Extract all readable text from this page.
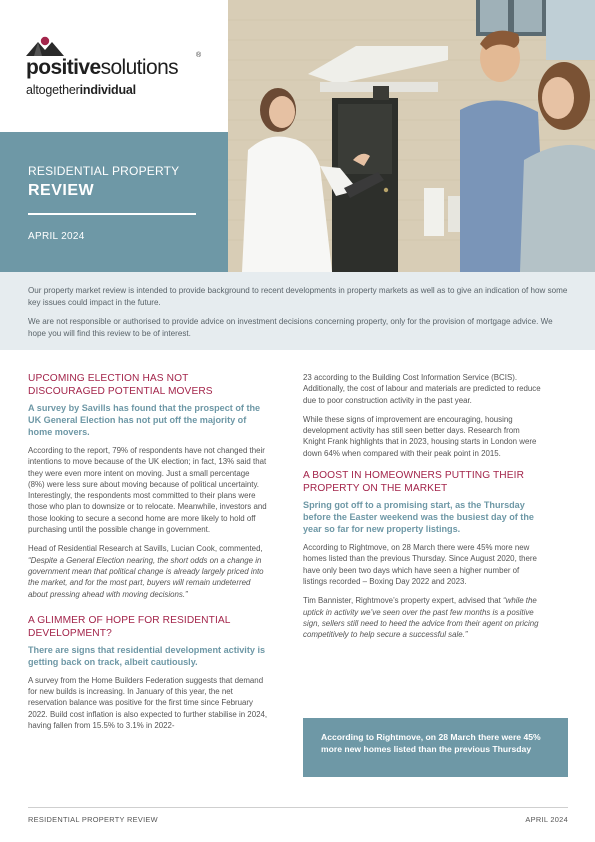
positivesolutions
®
altogetherindividual
RESIDENTIAL PROPERTY
REVIEW
APRIL 2024

Our property market review is intended to provide background to recent developments in property markets as well as to give an indication of how some key issues could impact in the future.

We are not responsible or authorised to provide advice on investment decisions concerning property, only for the provision of mortgage advice. We hope you will find this review to be of interest.

UPCOMING ELECTION HAS NOT DISCOURAGED POTENTIAL MOVERS
A survey by Savills has found that the prospect of the UK General Election has not put off the majority of home movers.
According to the report, 79% of respondents have not changed their intentions to move because of the UK election; in fact, 13% said that they were even more intent on moving. Just a small percentage (8%) were less sure about moving because of political uncertainty. Interestingly, the respondents most committed to their plans were those who plan to downsize or to relocate. Meanwhile, investors and those looking to secure a second home are more likely to hold off purchasing until the possible change in government.
Head of Residential Research at Savills, Lucian Cook, commented, “Despite a General Election nearing, the short odds on a change in government mean that political change is already largely priced into the market, and for the most part, buyers will remain undeterred about pressing ahead with moving decisions.”
A GLIMMER OF HOPE FOR RESIDENTIAL DEVELOPMENT?
There are signs that residential development activity is getting back on track, albeit cautiously.
A survey from the Home Builders Federation suggests that demand for new builds is increasing. In January of this year, the net reservation balance was positive for the first time since February 2022. Build cost inflation is also expected to further stabilise in 2024, having fallen from 15.5% to 3.1% in 2022-
23 according to the Building Cost Information Service (BCIS). Additionally, the cost of labour and materials are predicted to reduce due to poor construction activity in the past year.
While these signs of improvement are encouraging, housing development activity has still seen better days. Research from Knight Frank highlights that in 2023, housing starts in London were down 64% when compared with their peak point in 2015.
A BOOST IN HOMEOWNERS PUTTING THEIR PROPERTY ON THE MARKET
Spring got off to a promising start, as the Thursday before the Easter weekend was the busiest day of the year so far for new property listings.
According to Rightmove, on 28 March there were 45% more new homes listed than the previous Thursday. Since August 2020, there have only been two days which have seen a higher number of listings recorded – Boxing Day 2022 and 2023.
Tim Bannister, Rightmove’s property expert, advised that “while the uptick in activity we’ve seen over the past few months is a positive sign, sellers still need to heed the advice from their agent on pricing competitively to help secure a successful sale.”
According to Rightmove, on 28 March there were 45% more new homes listed than the previous Thursday
RESIDENTIAL PROPERTY REVIEW	APRIL 2024
